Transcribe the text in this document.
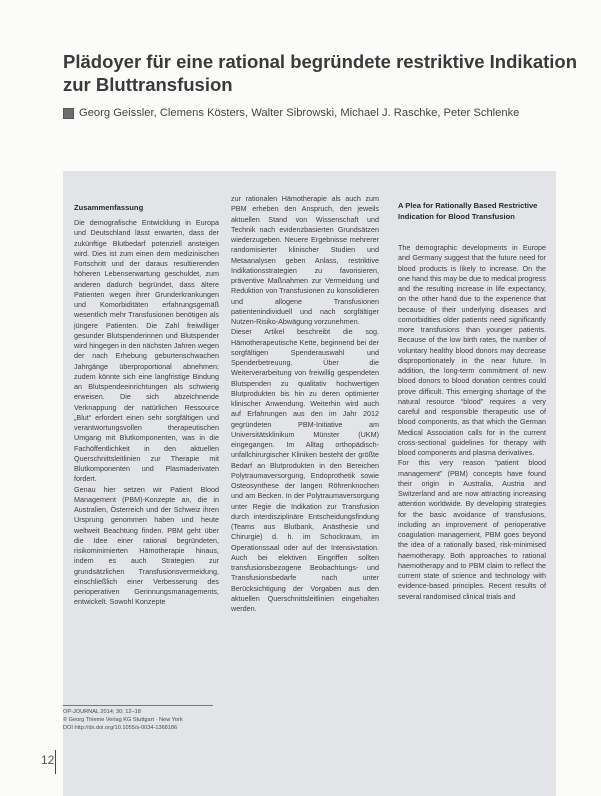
Plädoyer für eine rational begründete restriktive Indikation zur Bluttransfusion
Georg Geissler, Clemens Kösters, Walter Sibrowski, Michael J. Raschke, Peter Schlenke
Zusammenfassung

Die demografische Entwicklung in Europa und Deutschland lässt erwarten, dass der zukünftige Blutbedarf potenziell ansteigen wird. Dies ist zum einen dem medizinischen Fortschritt und der daraus resultierenden höheren Lebenserwartung geschuldet, zum anderen dadurch begründet, dass ältere Patienten wegen ihrer Grunderkrankungen und Komorbiditäten erfahrungsgemäß wesentlich mehr Transfusionen benötigen als jüngere Patienten. Die Zahl freiwilliger gesunder Blutspenderinnen und Blutspender wird hingegen in den nächsten Jahren wegen der nach Erhebung geburtenschwachen Jahrgänge überproportional abnehmen; zudem könnte sich eine langfristige Bindung an Blutspendeeinrichtungen als schwierig erweisen. Die sich abzeichnende Verknappung der natürlichen Ressource „Blut“ erfordert einen sehr sorgfältigen und verantwortungsvollen therapeutischen Umgang mit Blutkomponenten, was in die Fachöffentlichkeit in den aktuellen Querschnittsleitlinien zur Therapie mit Blutkomponenten und Plasmaderivaten fordert.

Genau hier setzen wir Patient Blood Management (PBM)-Konzepte an, die in Australien, Österreich und der Schweiz ihren Ursprung genommen haben und heute weltweit Beachtung finden. PBM geht über die Idee einer rational begründeten, risikominimierten Hämotherapie hinaus, indem es auch Strategien zur grundsätzlichen Transfusionsvermeidung, einschließlich einer Verbesserung des perioperativen Gerinnungsmanagements, entwickelt. Sowohl Konzepte

zur rationalen Hämotherapie als auch zum PBM erheben den Anspruch, den jeweils aktuellen Stand von Wissenschaft und Technik nach evidenzbasierten Grundsätzen wiederzugeben. Neuere Ergebnisse mehrerer randomisierter klinischer Studien und Metaanalysen geben Anlass, restriktive Indikationsstrategien zu favorisieren, präventive Maßnahmen zur Vermeidung und Reduktion von Transfusionen zu konsolidieren und allogene Transfusionen patientenindividuell und nach sorgfältiger Nutzen-Risiko-Abwägung vorzunehmen.

Dieser Artikel beschreibt die sog. Hämotherapeutische Kette, beginnend bei der sorgfältigen Spenderauswahl und Spenderbetreuung. Über die Weiterverarbeitung von freiwillig gespendeten Blutspenden zu qualitativ hochwertigen Blutprodukten bis hin zu deren optimierter klinischer Anwendung. Weiterhin wird auch auf Erfahrungen aus den im Jahr 2012 gegründeten PBM-Initiative am Universitätsklinikum Münster (UKM) eingegangen. Im Alltag orthopädisch-unfallchirurgischer Kliniken besteht der größte Bedarf an Blutprodukten in den Bereichen Polytraumaversorgung, Endoprothetik sowie Osteosynthese der langen Röhrenknochen und am Becken. In der Polytraumaversorgung unter Regie die Indikation zur Transfusion durch interdisziplinäre Entscheidungsfindung (Teams aus Blutbank, Anästhesie und Chirurgie) d. h. im Schockraum, im Operationssaal oder auf der Intensivstation. Auch bei elektiven Eingriffen sollten transfusionsbezogene Beobachtungs- und Transfusionsbedarfe nach unter Berücksichtigung der Vorgaben aus den aktuellen Querschnittsleitlinien eingehalten werden.

A Plea for Rationally Based Restrictive Indication for Blood Transfusion

The demographic developments in Europe and Germany suggest that the future need for blood products is likely to increase. On the one hand this may be due to medical progress and the resulting increase in life expectancy, on the other hand due to the experience that because of their underlying diseases and comorbidities older patients need significantly more transfusions than younger patients. Because of the low birth rates, the number of voluntary healthy blood donors may decrease disproportionately in the near future. In addition, the long-term commitment of new blood donors to blood donation centres could prove difficult. This emerging shortage of the natural resource “blood” requires a very careful and responsible therapeutic use of blood components, as that which the German Medical Association calls for in the current cross-sectional guidelines for therapy with blood components and plasma derivatives.

For this very reason “patient blood management” (PBM) concepts have found their origin in Australia, Austria and Switzerland and are now attracting increasing attention worldwide. By developing strategies for the basic avoidance of transfusions, including an improvement of perioperative coagulation management, PBM goes beyond the idea of a rationally based, risk-minimised haemotherapy. Both approaches to rational haemotherapy and to PBM claim to reflect the current state of science and technology with evidence-based principles. Recent results of several randomised clinical trials and

OP-JOURNAL 2014; 30: 12–18
© Georg Thieme Verlag KG Stuttgart · New York
DOI http://dx.doi.org/10.1055/s-0034-1368186
12
